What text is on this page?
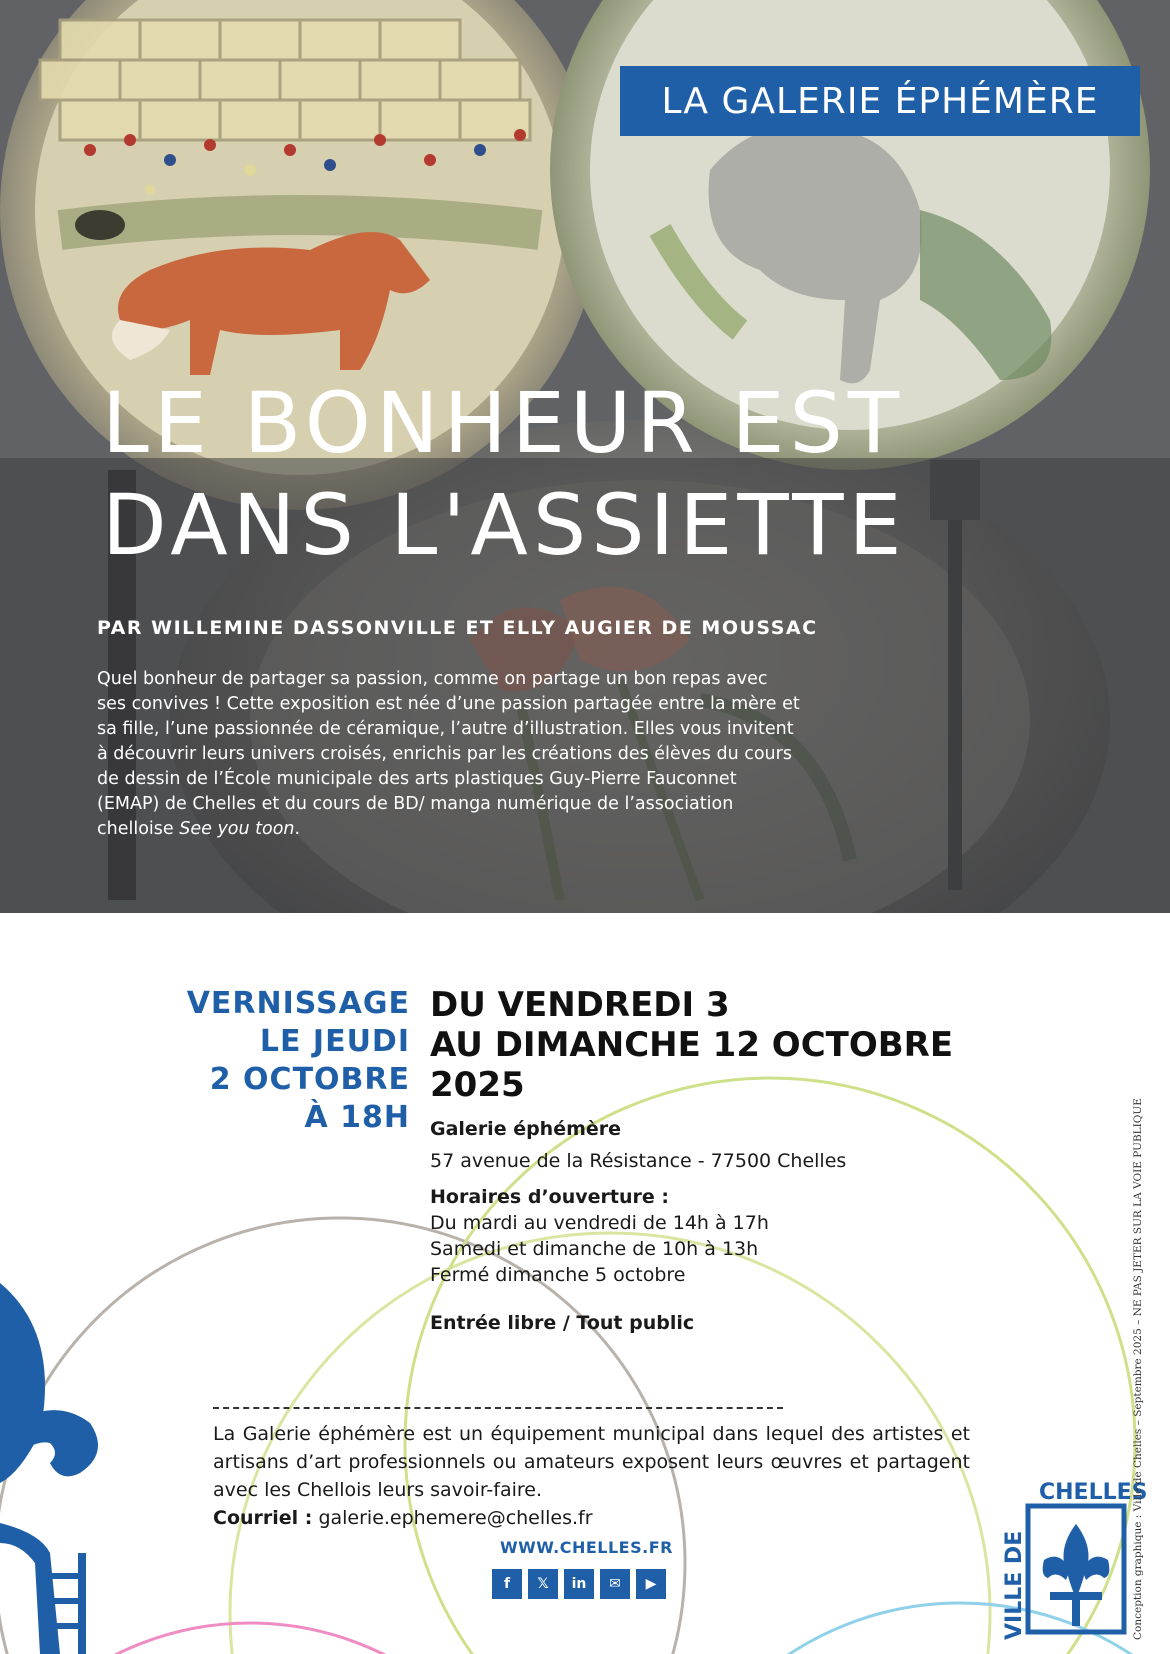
LA GALERIE ÉPHÉMÈRE
LE BONHEUR EST
DANS L'ASSIETTE
PAR WILLEMINE DASSONVILLE ET ELLY AUGIER DE MOUSSAC
Quel bonheur de partager sa passion, comme on partage un bon repas avec ses convives ! Cette exposition est née d’une passion partagée entre la mère et sa fille, l’une passionnée de céramique, l’autre d’illustration. Elles vous invitent à découvrir leurs univers croisés, enrichis par les créations des élèves du cours de dessin de l’École municipale des arts plastiques Guy-Pierre Fauconnet (EMAP) de Chelles et du cours de BD/ manga numérique de l’association chelloise See you toon.
VERNISSAGE
LE JEUDI
2 OCTOBRE
À 18H
DU VENDREDI 3
AU DIMANCHE 12 OCTOBRE
2025
Galerie éphémère
57 avenue de la Résistance - 77500 Chelles
Horaires d’ouverture :
Du mardi au vendredi de 14h à 17h
Samedi et dimanche de 10h à 13h
Fermé dimanche 5 octobre
Entrée libre / Tout public
La Galerie éphémère est un équipement municipal dans lequel des artistes et artisans d’art professionnels ou amateurs exposent leurs œuvres et partagent avec les Chellois leurs savoir-faire.
Courriel : galerie.ephemere@chelles.fr
WWW.CHELLES.FR
f	𝕏	in	✉	▶
CHELLES
VILLE DE	Conception graphique : Ville de Chelles – Septembre 2025 – NE PAS JETER SUR LA VOIE PUBLIQUE
